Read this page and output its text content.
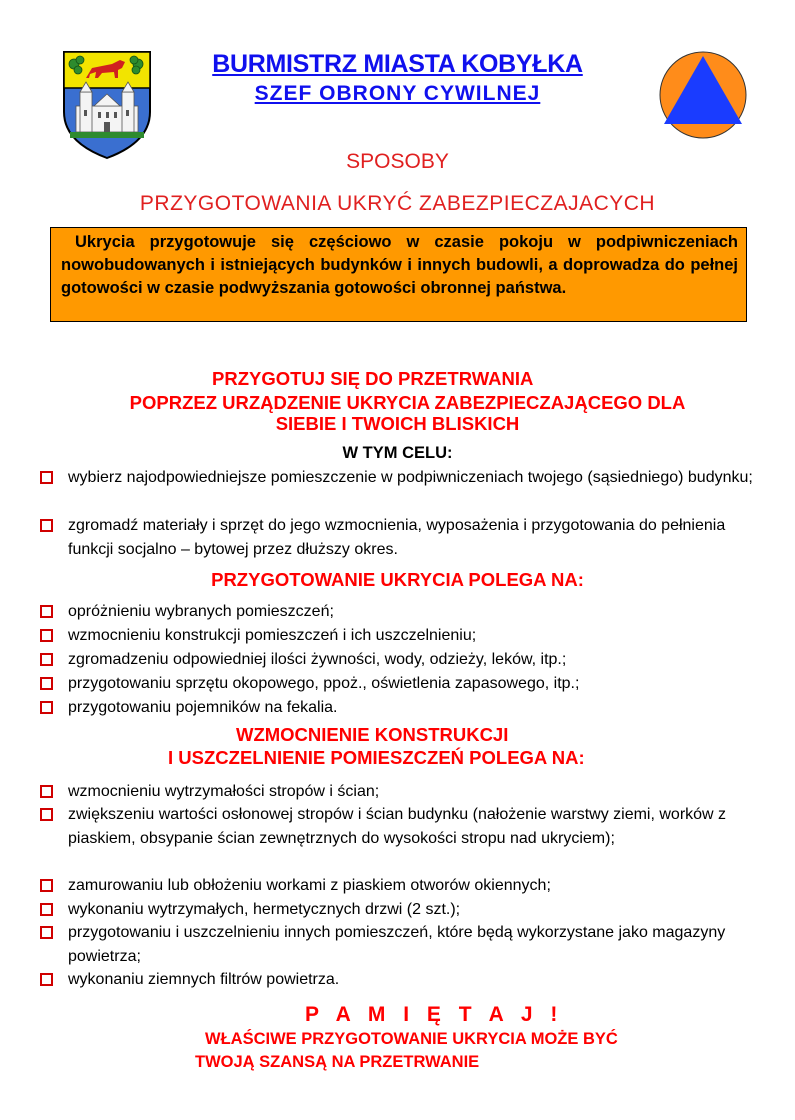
BURMISTRZ MIASTA KOBYŁKA
SZEF OBRONY CYWILNEJ
SPOSOBY
PRZYGOTOWANIA UKRYĆ ZABEZPIECZAJACYCH
Ukrycia przygotowuje się częściowo w czasie pokoju w podpiwniczeniach nowobudowanych i istniejących budynków i innych budowli, a doprowadza do pełnej gotowości w czasie podwyższania gotowości obronnej państwa.
PRZYGOTUJ SIĘ DO PRZETRWANIA
POPRZEZ URZĄDZENIE UKRYCIA ZABEZPIECZAJĄCEGO DLA
SIEBIE I TWOICH BLISKICH
W TYM CELU:
wybierz najodpowiedniejsze pomieszczenie w podpiwniczeniach twojego (sąsiedniego) budynku;
zgromadź materiały i sprzęt do jego wzmocnienia, wyposażenia i przygotowania do pełnienia funkcji socjalno – bytowej przez dłuższy okres.
PRZYGOTOWANIE UKRYCIA POLEGA NA:
opróżnieniu wybranych pomieszczeń;
wzmocnieniu konstrukcji pomieszczeń i ich uszczelnieniu;
zgromadzeniu odpowiedniej ilości żywności, wody, odzieży, leków, itp.;
przygotowaniu sprzętu okopowego, ppoż., oświetlenia zapasowego, itp.;
przygotowaniu pojemników na fekalia.
WZMOCNIENIE KONSTRUKCJI
I USZCZELNIENIE POMIESZCZEŃ POLEGA NA:
wzmocnieniu wytrzymałości stropów i ścian;
zwiększeniu wartości osłonowej stropów i ścian budynku (nałożenie warstwy ziemi, worków z piaskiem, obsypanie ścian zewnętrznych do wysokości stropu nad ukryciem);
zamurowaniu lub obłożeniu workami z piaskiem otworów okiennych;
wykonaniu wytrzymałych, hermetycznych drzwi (2 szt.);
przygotowaniu i uszczelnieniu innych pomieszczeń, które będą wykorzystane jako magazyny powietrza;
wykonaniu ziemnych filtrów powietrza.
P A M I Ę T A J !
WŁAŚCIWE PRZYGOTOWANIE UKRYCIA MOŻE BYĆ
TWOJĄ SZANSĄ NA PRZETRWANIE
